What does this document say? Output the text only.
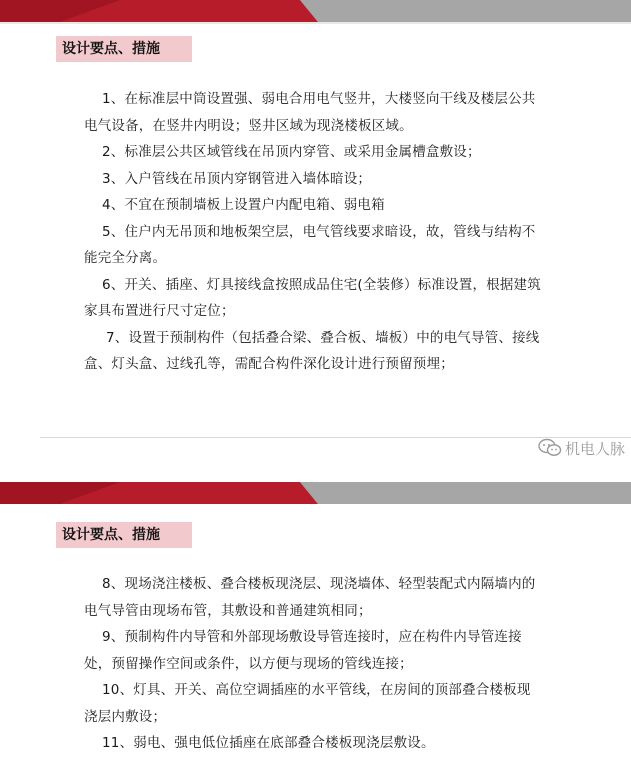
设计要点、措施

1、在标准层中筒设置强、弱电合用电气竖井，大楼竖向干线及楼层公共电气设备，在竖井内明设；竖井区域为现浇楼板区域。

2、标准层公共区域管线在吊顶内穿管、或采用金属槽盒敷设；

3、入户管线在吊顶内穿钢管进入墙体暗设；

4、不宜在预制墙板上设置户内配电箱、弱电箱

5、住户内无吊顶和地板架空层，电气管线要求暗设，故，管线与结构不能完全分离。

6、开关、插座、灯具接线盒按照成品住宅(全装修）标准设置，根据建筑家具布置进行尺寸定位；

7、设置于预制构件（包括叠合梁、叠合板、墙板）中的电气导管、接线盒、灯头盒、过线孔等，需配合构件深化设计进行预留预埋；

机电人脉
设计要点、措施

8、现场浇注楼板、叠合楼板现浇层、现浇墙体、轻型装配式内隔墙内的电气导管由现场布管，其敷设和普通建筑相同；

9、预制构件内导管和外部现场敷设导管连接时，应在构件内导管连接处，预留操作空间或条件，以方便与现场的管线连接；

10、灯具、开关、高位空调插座的水平管线，在房间的顶部叠合楼板现浇层内敷设；

11、弱电、强电低位插座在底部叠合楼板现浇层敷设。
